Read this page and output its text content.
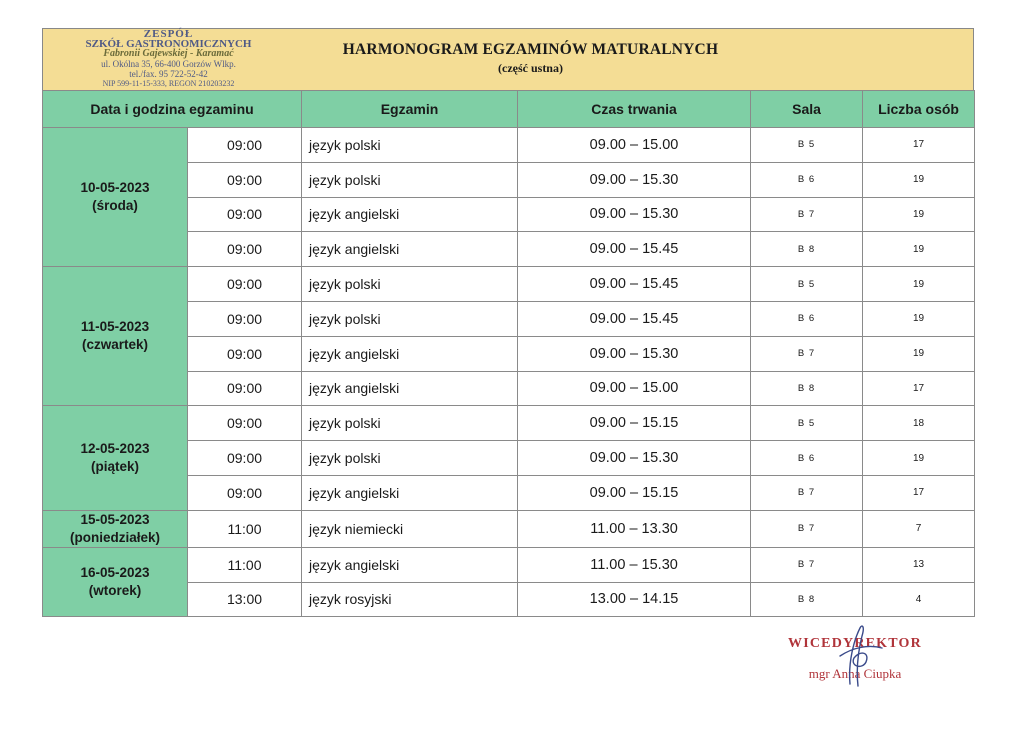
ZESPÓŁ
SZKÓŁ GASTRONOMICZNYCH
Fabronii Gajewskiej - Karamać
ul. Okólna 35, 66-400 Gorzów Wlkp.
tel./fax. 95 722-52-42
NIP 599-11-15-333, REGON 210203232
HARMONOGRAM EGZAMINÓW MATURALNYCH
(część ustna)
Data i godzina egzaminu		Egzamin	Czas trwania	Sala	Liczba osób

10-05-2023
(środa)	09:00	język polski	09.00 – 15.00	B 5	17
	09:00	język polski	09.00 – 15.30	B 6	19
	09:00	język angielski	09.00 – 15.30	B 7	19
	09:00	język angielski	09.00 – 15.45	B 8	19

11-05-2023
(czwartek)	09:00	język polski	09.00 – 15.45	B 5	19
	09:00	język polski	09.00 – 15.45	B 6	19
	09:00	język angielski	09.00 – 15.30	B 7	19
	09:00	język angielski	09.00 – 15.00	B 8	17

12-05-2023
(piątek)	09:00	język polski	09.00 – 15.15	B 5	18
	09:00	język polski	09.00 – 15.30	B 6	19
	09:00	język angielski	09.00 – 15.15	B 7	17

15-05-2023
(poniedziałek)	11:00	język niemiecki	11.00 – 13.30	B 7	7

16-05-2023
(wtorek)	11:00	język angielski	11.00 – 15.30	B 7	13
	13:00	język rosyjski	13.00 – 14.15	B 8	4
WICEDYREKTOR
mgr Anna Ciupka
